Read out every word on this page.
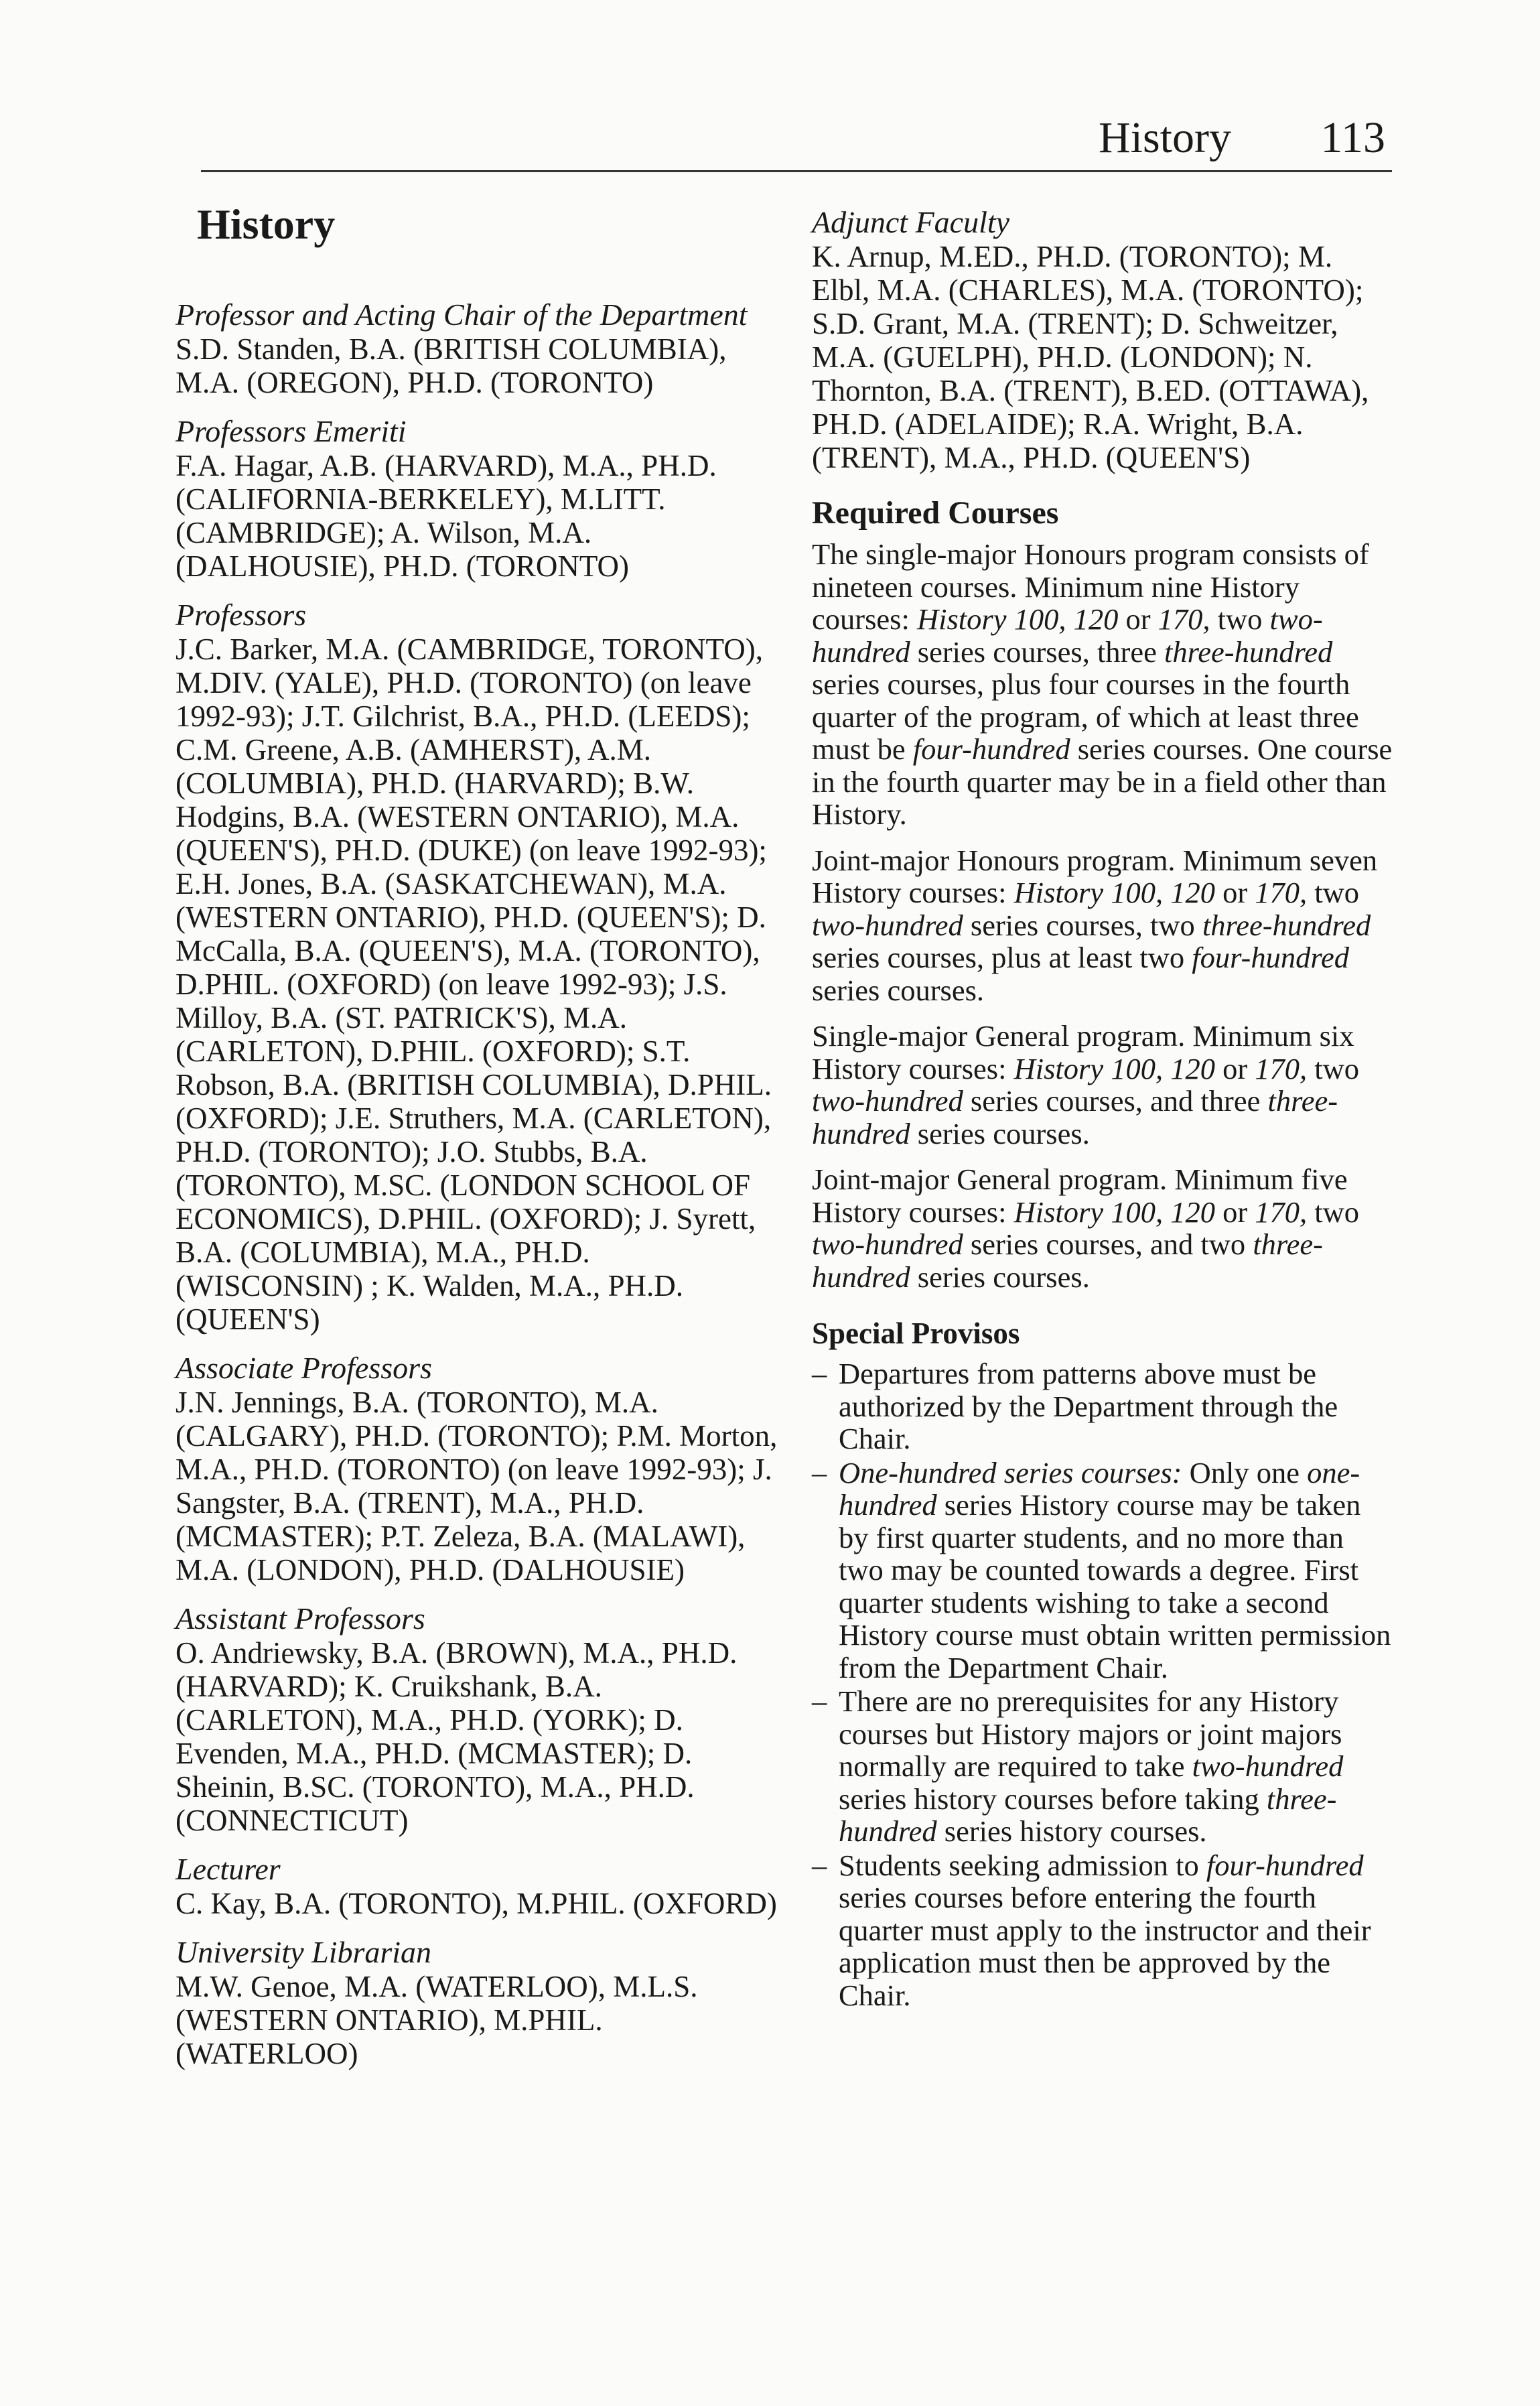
History 113
History
Professor and Acting Chair of the Department
S.D. Standen, B.A. (BRITISH COLUMBIA), M.A. (OREGON), PH.D. (TORONTO)
Professors Emeriti
F.A. Hagar, A.B. (HARVARD), M.A., PH.D. (CALIFORNIA-BERKELEY), M.LITT. (CAMBRIDGE); A. Wilson, M.A. (DALHOUSIE), PH.D. (TORONTO)
Professors
J.C. Barker, M.A. (CAMBRIDGE, TORONTO), M.DIV. (YALE), PH.D. (TORONTO) (on leave 1992-93); J.T. Gilchrist, B.A., PH.D. (LEEDS); C.M. Greene, A.B. (AMHERST), A.M. (COLUMBIA), PH.D. (HARVARD); B.W. Hodgins, B.A. (WESTERN ONTARIO), M.A. (QUEEN'S), PH.D. (DUKE) (on leave 1992-93); E.H. Jones, B.A. (SASKATCHEWAN), M.A. (WESTERN ONTARIO), PH.D. (QUEEN'S); D. McCalla, B.A. (QUEEN'S), M.A. (TORONTO), D.PHIL. (OXFORD) (on leave 1992-93); J.S. Milloy, B.A. (ST. PATRICK'S), M.A. (CARLETON), D.PHIL. (OXFORD); S.T. Robson, B.A. (BRITISH COLUMBIA), D.PHIL. (OXFORD); J.E. Struthers, M.A. (CARLETON), PH.D. (TORONTO); J.O. Stubbs, B.A. (TORONTO), M.SC. (LONDON SCHOOL OF ECONOMICS), D.PHIL. (OXFORD); J. Syrett, B.A. (COLUMBIA), M.A., PH.D. (WISCONSIN) ; K. Walden, M.A., PH.D. (QUEEN'S)
Associate Professors
J.N. Jennings, B.A. (TORONTO), M.A. (CALGARY), PH.D. (TORONTO); P.M. Morton, M.A., PH.D. (TORONTO) (on leave 1992-93); J. Sangster, B.A. (TRENT), M.A., PH.D. (MCMASTER); P.T. Zeleza, B.A. (MALAWI), M.A. (LONDON), PH.D. (DALHOUSIE)
Assistant Professors
O. Andriewsky, B.A. (BROWN), M.A., PH.D. (HARVARD); K. Cruikshank, B.A. (CARLETON), M.A., PH.D. (YORK); D. Evenden, M.A., PH.D. (MCMASTER); D. Sheinin, B.SC. (TORONTO), M.A., PH.D. (CONNECTICUT)
Lecturer
C. Kay, B.A. (TORONTO), M.PHIL. (OXFORD)
University Librarian
M.W. Genoe, M.A. (WATERLOO), M.L.S. (WESTERN ONTARIO), M.PHIL. (WATERLOO)
Adjunct Faculty
K. Arnup, M.ED., PH.D. (TORONTO); M. Elbl, M.A. (CHARLES), M.A. (TORONTO); S.D. Grant, M.A. (TRENT); D. Schweitzer, M.A. (GUELPH), PH.D. (LONDON); N. Thornton, B.A. (TRENT), B.ED. (OTTAWA), PH.D. (ADELAIDE); R.A. Wright, B.A. (TRENT), M.A., PH.D. (QUEEN'S)
Required Courses

The single-major Honours program consists of nineteen courses. Minimum nine History courses: History 100, 120 or 170, two two-hundred series courses, three three-hundred series courses, plus four courses in the fourth quarter of the program, of which at least three must be four-hundred series courses. One course in the fourth quarter may be in a field other than History.

Joint-major Honours program. Minimum seven History courses: History 100, 120 or 170, two two-hundred series courses, two three-hundred series courses, plus at least two four-hundred series courses.

Single-major General program. Minimum six History courses: History 100, 120 or 170, two two-hundred series courses, and three three-hundred series courses.

Joint-major General program. Minimum five History courses: History 100, 120 or 170, two two-hundred series courses, and two three-hundred series courses.

Special Provisos
– Departures from patterns above must be authorized by the Department through the Chair.
– One-hundred series courses: Only one one-hundred series History course may be taken by first quarter students, and no more than two may be counted towards a degree. First quarter students wishing to take a second History course must obtain written permission from the Department Chair.
– There are no prerequisites for any History courses but History majors or joint majors normally are required to take two-hundred series history courses before taking three-hundred series history courses.
– Students seeking admission to four-hundred series courses before entering the fourth quarter must apply to the instructor and their application must then be approved by the Chair.
